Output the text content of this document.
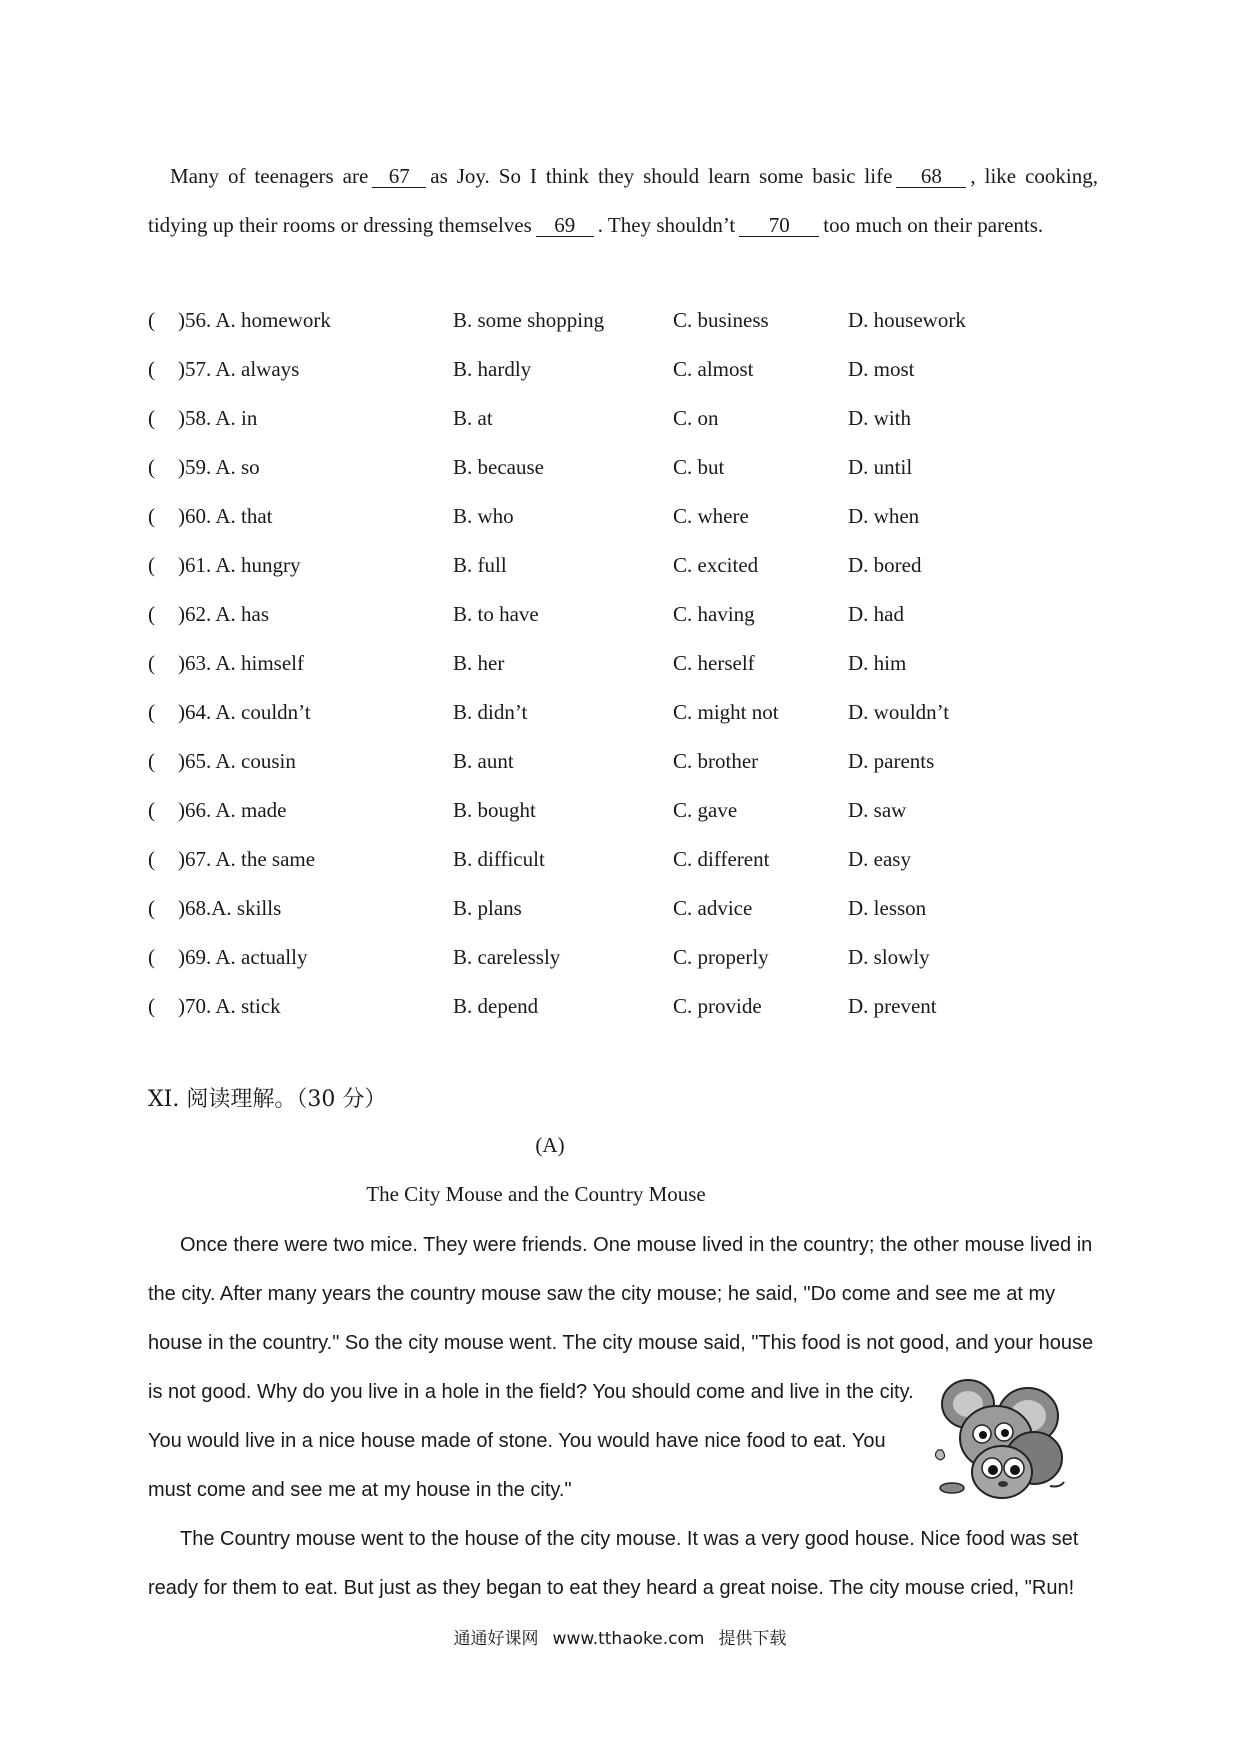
Many of teenagers are 67 as Joy. So I think they should learn some basic life 68 , like cooking, tidying up their rooms or dressing themselves 69 . They shouldn’t 70 too much on their parents.

( )56. A. homework	B. some shopping	C. business	D. housework
( )57. A. always	B. hardly	C. almost	D. most
( )58. A. in	B. at	C. on	D. with
( )59. A. so	B. because	C. but	D. until
( )60. A. that	B. who	C. where	D. when
( )61. A. hungry	B. full	C. excited	D. bored
( )62. A. has	B. to have	C. having	D. had
( )63. A. himself	B. her	C. herself	D. him
( )64. A. couldn’t	B. didn’t	C. might not	D. wouldn’t
( )65. A. cousin	B. aunt	C. brother	D. parents
( )66. A. made	B. bought	C. gave	D. saw
( )67. A. the same	B. difficult	C. different	D. easy
( )68.A. skills	B. plans	C. advice	D. lesson
( )69. A. actually	B. carelessly	C. properly	D. slowly
( )70. A. stick	B. depend	C. provide	D. prevent
XI. 阅读理解。（30 分）
(A)
The City Mouse and the Country Mouse
Once there were two mice. They were friends. One mouse lived in the country; the other mouse lived in
the city. After many years the country mouse saw the city mouse; he said, "Do come and see me at my
house in the country." So the city mouse went. The city mouse said, "This food is not good, and your house
is not good. Why do you live in a hole in the field? You should come and live in the city.
You would live in a nice house made of stone. You would have nice food to eat. You
must come and see me at my house in the city."
The Country mouse went to the house of the city mouse. It was a very good house. Nice food was set
ready for them to eat. But just as they began to eat they heard a great noise. The city mouse cried, "Run!
通通好课网 www.tthaoke.com 提供下载
